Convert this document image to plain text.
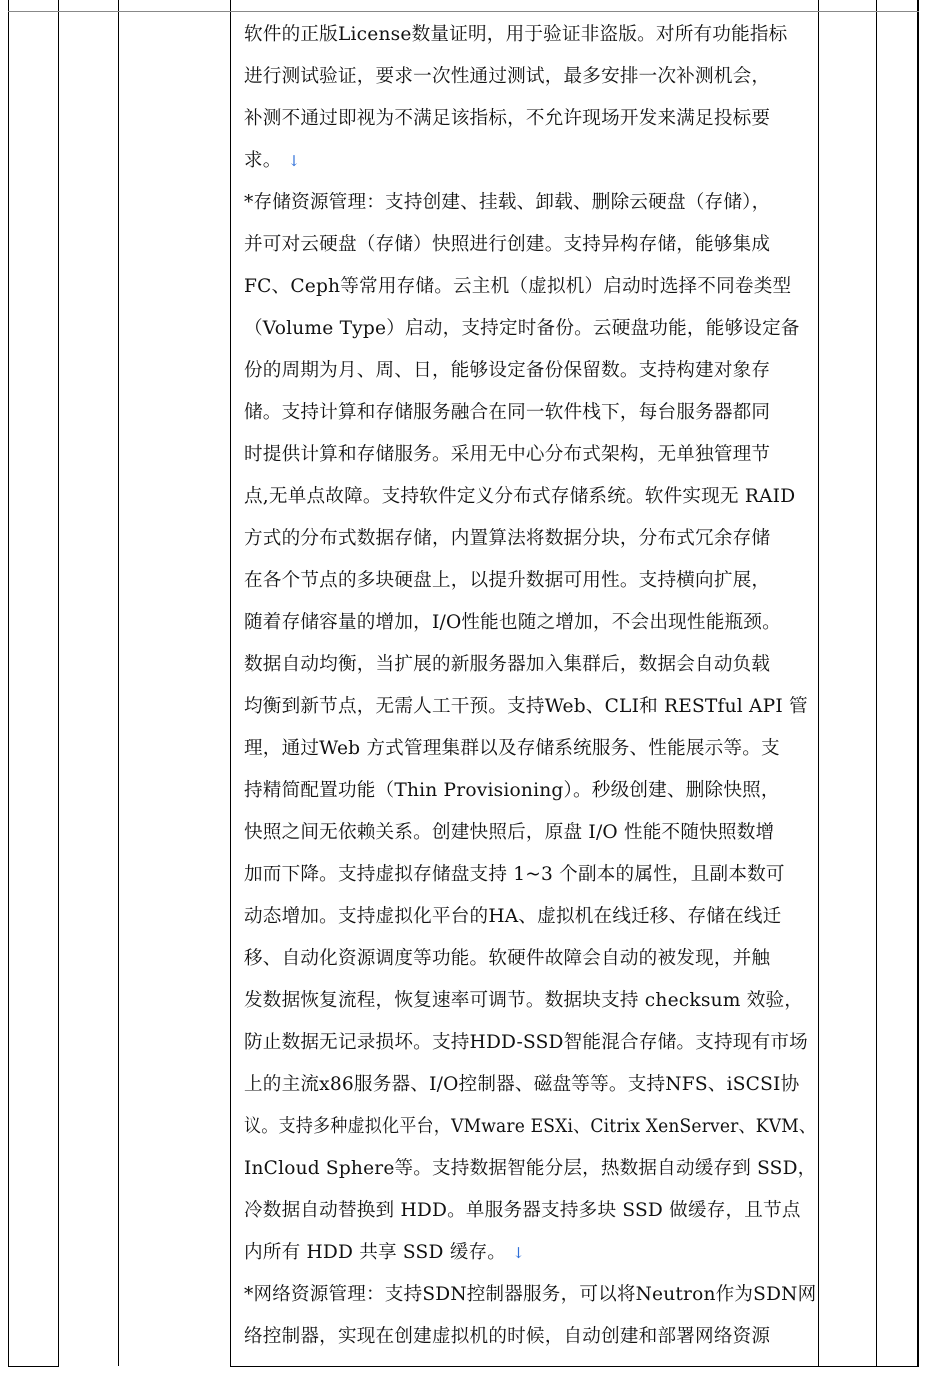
软件的正版License数量证明，用于验证非盗版。对所有功能指标
进行测试验证，要求一次性通过测试，最多安排一次补测机会，
补测不通过即视为不满足该指标，不允许现场开发来满足投标要
求。 ↓
*存储资源管理：支持创建、挂载、卸载、删除云硬盘（存储），
并可对云硬盘（存储）快照进行创建。支持异构存储，能够集成
FC、Ceph等常用存储。云主机（虚拟机）启动时选择不同卷类型
（Volume Type）启动，支持定时备份。云硬盘功能，能够设定备
份的周期为月、周、日，能够设定备份保留数。支持构建对象存
储。支持计算和存储服务融合在同一软件栈下，每台服务器都同
时提供计算和存储服务。采用无中心分布式架构，无单独管理节
点,无单点故障。支持软件定义分布式存储系统。软件实现无 RAID
方式的分布式数据存储，内置算法将数据分块，分布式冗余存储
在各个节点的多块硬盘上，以提升数据可用性。支持横向扩展，
随着存储容量的增加，I/O性能也随之增加，不会出现性能瓶颈。
数据自动均衡，当扩展的新服务器加入集群后，数据会自动负载
均衡到新节点，无需人工干预。支持Web、CLI和 RESTful API 管
理，通过Web 方式管理集群以及存储系统服务、性能展示等。支
持精简配置功能（Thin Provisioning）。秒级创建、删除快照，
快照之间无依赖关系。创建快照后，原盘 I/O 性能不随快照数增
加而下降。支持虚拟存储盘支持 1~3 个副本的属性，且副本数可
动态增加。支持虚拟化平台的HA、虚拟机在线迁移、存储在线迁
移、自动化资源调度等功能。软硬件故障会自动的被发现，并触
发数据恢复流程，恢复速率可调节。数据块支持 checksum 效验，
防止数据无记录损坏。支持HDD-SSD智能混合存储。支持现有市场
上的主流x86服务器、I/O控制器、磁盘等等。支持NFS、iSCSI协
议。支持多种虚拟化平台，VMware ESXi、Citrix XenServer、KVM、
InCloud Sphere等。支持数据智能分层，热数据自动缓存到 SSD，
冷数据自动替换到 HDD。单服务器支持多块 SSD 做缓存，且节点
内所有 HDD 共享 SSD 缓存。 ↓
*网络资源管理：支持SDN控制器服务，可以将Neutron作为SDN网
络控制器，实现在创建虚拟机的时候，自动创建和部署网络资源
